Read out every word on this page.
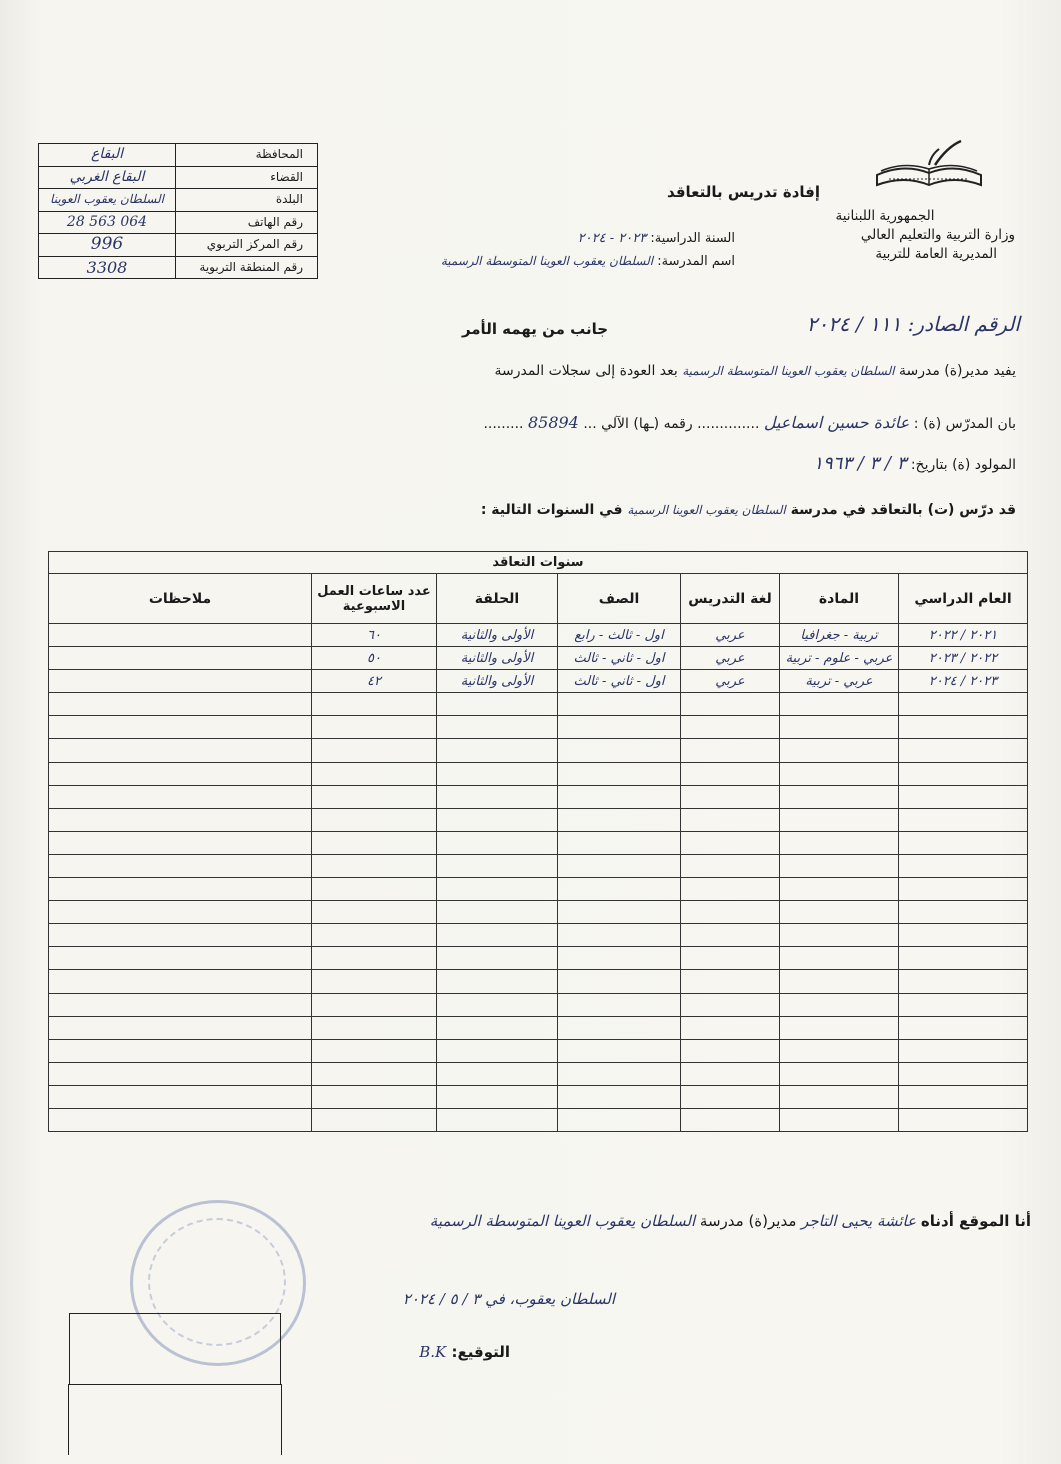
البقاع	المحافظة
البقاع الغربي	القضاء
السلطان يعقوب العوينا	البلدة
28 563 064	رقم الهاتف
996	رقم المركز التربوي
3308	رقم المنطقة التربوية
الجمهورية اللبنانية
وزارة التربية والتعليم العالي
المديرية العامة للتربية
إفادة تدريس بالتعاقد
السنة الدراسية: ٢٠٢٣ - ٢٠٢٤
اسم المدرسة: السلطان يعقوب العوينا المتوسطة الرسمية
الرقم الصادر: ١١١ / ٢٠٢٤
جانب من يهمه الأمر
يفيد مدير(ة) مدرسة السلطان يعقوب العوينا المتوسطة الرسمية بعد العودة إلى سجلات المدرسة
بان المدرّس (ة) : عائدة حسين اسماعيل .............. رقمه (ـها) الآلي ... 85894 .........
المولود (ة) بتاريخ: ٣ / ٣ / ١٩٦٣
قد درّس (ت) بالتعاقد في مدرسة السلطان يعقوب العوينا الرسمية في السنوات التالية :
سنوات التعاقد						
العام الدراسي	المادة	لغة التدريس	الصف	الحلقة	عدد ساعات العمل الاسبوعية	ملاحظات
٢٠٢١ / ٢٠٢٢	تربية - جغرافيا	عربي	اول - ثالث - رابع	الأولى والثانية	٦٠	
٢٠٢٢ / ٢٠٢٣	عربي - علوم - تربية	عربي	اول - ثاني - ثالث	الأولى والثانية	٥٠	
٢٠٢٣ / ٢٠٢٤	عربي - تربية	عربي	اول - ثاني - ثالث	الأولى والثانية	٤٢	

أنا الموقع أدناه عائشة يحيى التاجر مدير(ة) مدرسة السلطان يعقوب العوينا المتوسطة الرسمية
السلطان يعقوب، في ٣ / ٥ / ٢٠٢٤
التوقيع: B.K
